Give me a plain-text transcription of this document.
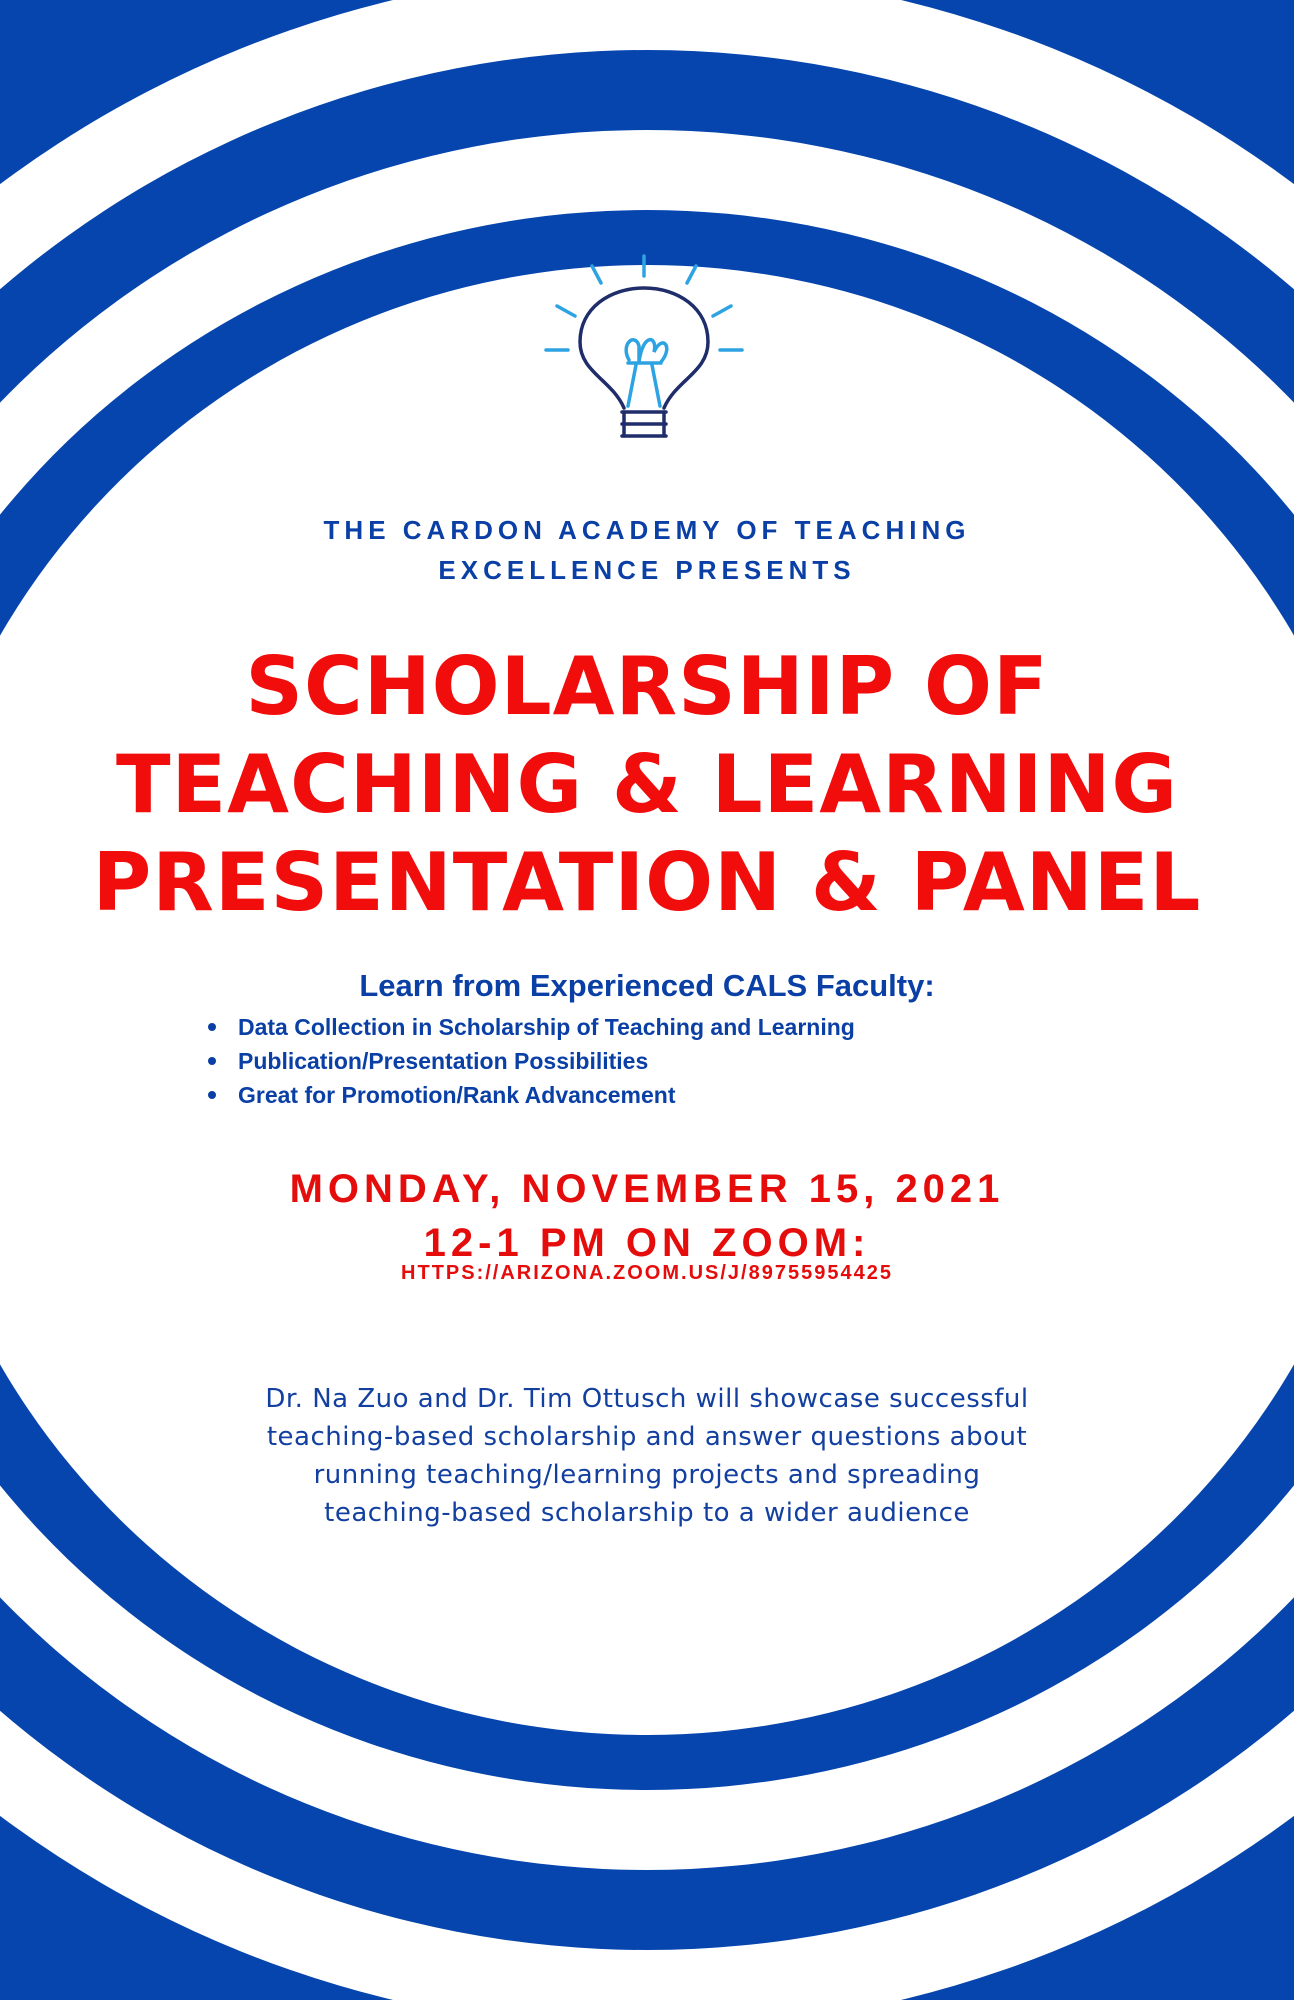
THE CARDON ACADEMY OF TEACHING
EXCELLENCE PRESENTS
SCHOLARSHIP OF
TEACHING & LEARNING
PRESENTATION & PANEL
Learn from Experienced CALS Faculty:
Data Collection in Scholarship of Teaching and Learning
Publication/Presentation Possibilities
Great for Promotion/Rank Advancement
MONDAY, NOVEMBER 15, 2021
12-1 PM ON ZOOM:
HTTPS://ARIZONA.ZOOM.US/J/89755954425
Dr. Na Zuo and Dr. Tim Ottusch will showcase successful
teaching-based scholarship and answer questions about
running teaching/learning projects and spreading
teaching-based scholarship to a wider audience
